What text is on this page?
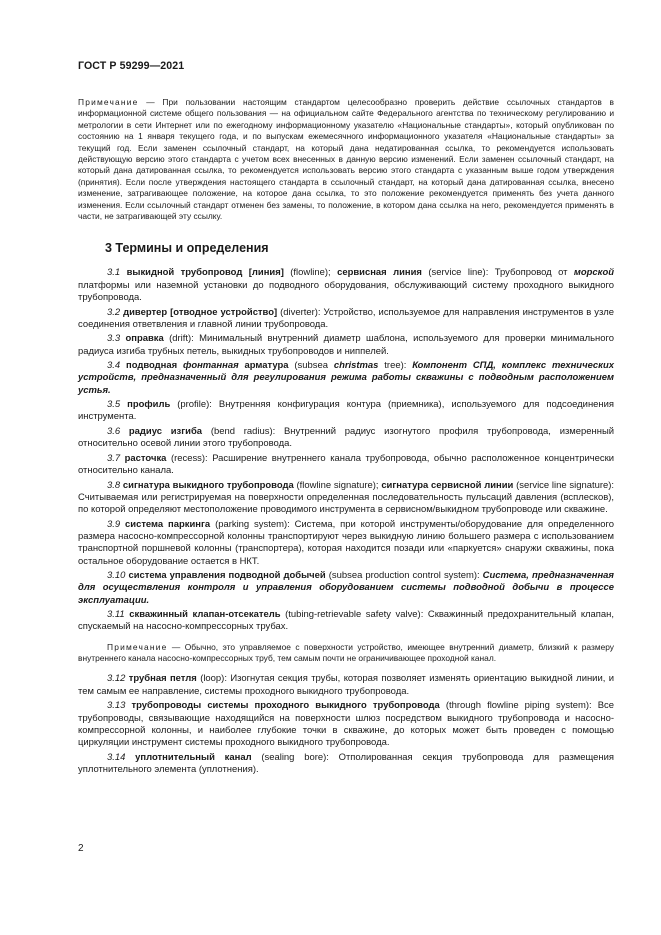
ГОСТ Р 59299—2021

Примечание — При пользовании настоящим стандартом целесообразно проверить действие ссылочных стандартов в информационной системе общего пользования — на официальном сайте Федерального агентства по техническому регулированию и метрологии в сети Интернет или по ежегодному информационному указателю «Национальные стандарты», который опубликован по состоянию на 1 января текущего года, и по выпускам ежемесячного информационного указателя «Национальные стандарты» за текущий год. Если заменен ссылочный стандарт, на который дана недатированная ссылка, то рекомендуется использовать действующую версию этого стандарта с учетом всех внесенных в данную версию изменений. Если заменен ссылочный стандарт, на который дана датированная ссылка, то рекомендуется использовать версию этого стандарта с указанным выше годом утверждения (принятия). Если после утверждения настоящего стандарта в ссылочный стандарт, на который дана датированная ссылка, внесено изменение, затрагивающее положение, на которое дана ссылка, то это положение рекомендуется применять без учета данного изменения. Если ссылочный стандарт отменен без замены, то положение, в котором дана ссылка на него, рекомендуется применять в части, не затрагивающей эту ссылку.

3 Термины и определения

3.1 выкидной трубопровод [линия] (flowline); сервисная линия (service line): Трубопровод от морской платформы или наземной установки до подводного оборудования, обслуживающий систему проходного выкидного трубопровода.

3.2 дивертер [отводное устройство] (diverter): Устройство, используемое для направления инструментов в узле соединения ответвления и главной линии трубопровода.

3.3 оправка (drift): Минимальный внутренний диаметр шаблона, используемого для проверки минимального радиуса изгиба трубных петель, выкидных трубопроводов и ниппелей.

3.4 подводная фонтанная арматура (subsea christmas tree): Компонент СПД, комплекс технических устройств, предназначенный для регулирования режима работы скважины с подводным расположением устья.

3.5 профиль (profile): Внутренняя конфигурация контура (приемника), используемого для подсоединения инструмента.

3.6 радиус изгиба (bend radius): Внутренний радиус изогнутого профиля трубопровода, измеренный относительно осевой линии этого трубопровода.

3.7 расточка (recess): Расширение внутреннего канала трубопровода, обычно расположенное концентрически относительно канала.

3.8 сигнатура выкидного трубопровода (flowline signature); сигнатура сервисной линии (service line signature): Считываемая или регистрируемая на поверхности определенная последовательность пульсаций давления (всплесков), по которой определяют местоположение проводимого инструмента в сервисном/выкидном трубопроводе или скважине.

3.9 система паркинга (parking system): Система, при которой инструменты/оборудование для определенного размера насосно-компрессорной колонны транспортируют через выкидную линию большего размера с использованием транспортной поршневой колонны (транспортера), которая находится позади или «паркуется» снаружи скважины, пока остальное оборудование остается в НКТ.

3.10 система управления подводной добычей (subsea production control system): Система, предназначенная для осуществления контроля и управления оборудованием системы подводной добычи в процессе эксплуатации.

3.11 скважинный клапан-отсекатель (tubing-retrievable safety valve): Скважинный предохранительный клапан, спускаемый на насосно-компрессорных трубах.

Примечание — Обычно, это управляемое с поверхности устройство, имеющее внутренний диаметр, близкий к размеру внутреннего канала насосно-компрессорных труб, тем самым почти не ограничивающее проходной канал.

3.12 трубная петля (loop): Изогнутая секция трубы, которая позволяет изменять ориентацию выкидной линии, и тем самым ее направление, системы проходного выкидного трубопровода.

3.13 трубопроводы системы проходного выкидного трубопровода (through flowline piping system): Все трубопроводы, связывающие находящийся на поверхности шлюз посредством выкидного трубопровода и насосно-компрессорной колонны, и наиболее глубокие точки в скважине, до которых может быть проведен с помощью циркуляции инструмент системы проходного выкидного трубопровода.

3.14 уплотнительный канал (sealing bore): Отполированная секция трубопровода для размещения уплотнительного элемента (уплотнения).

2
